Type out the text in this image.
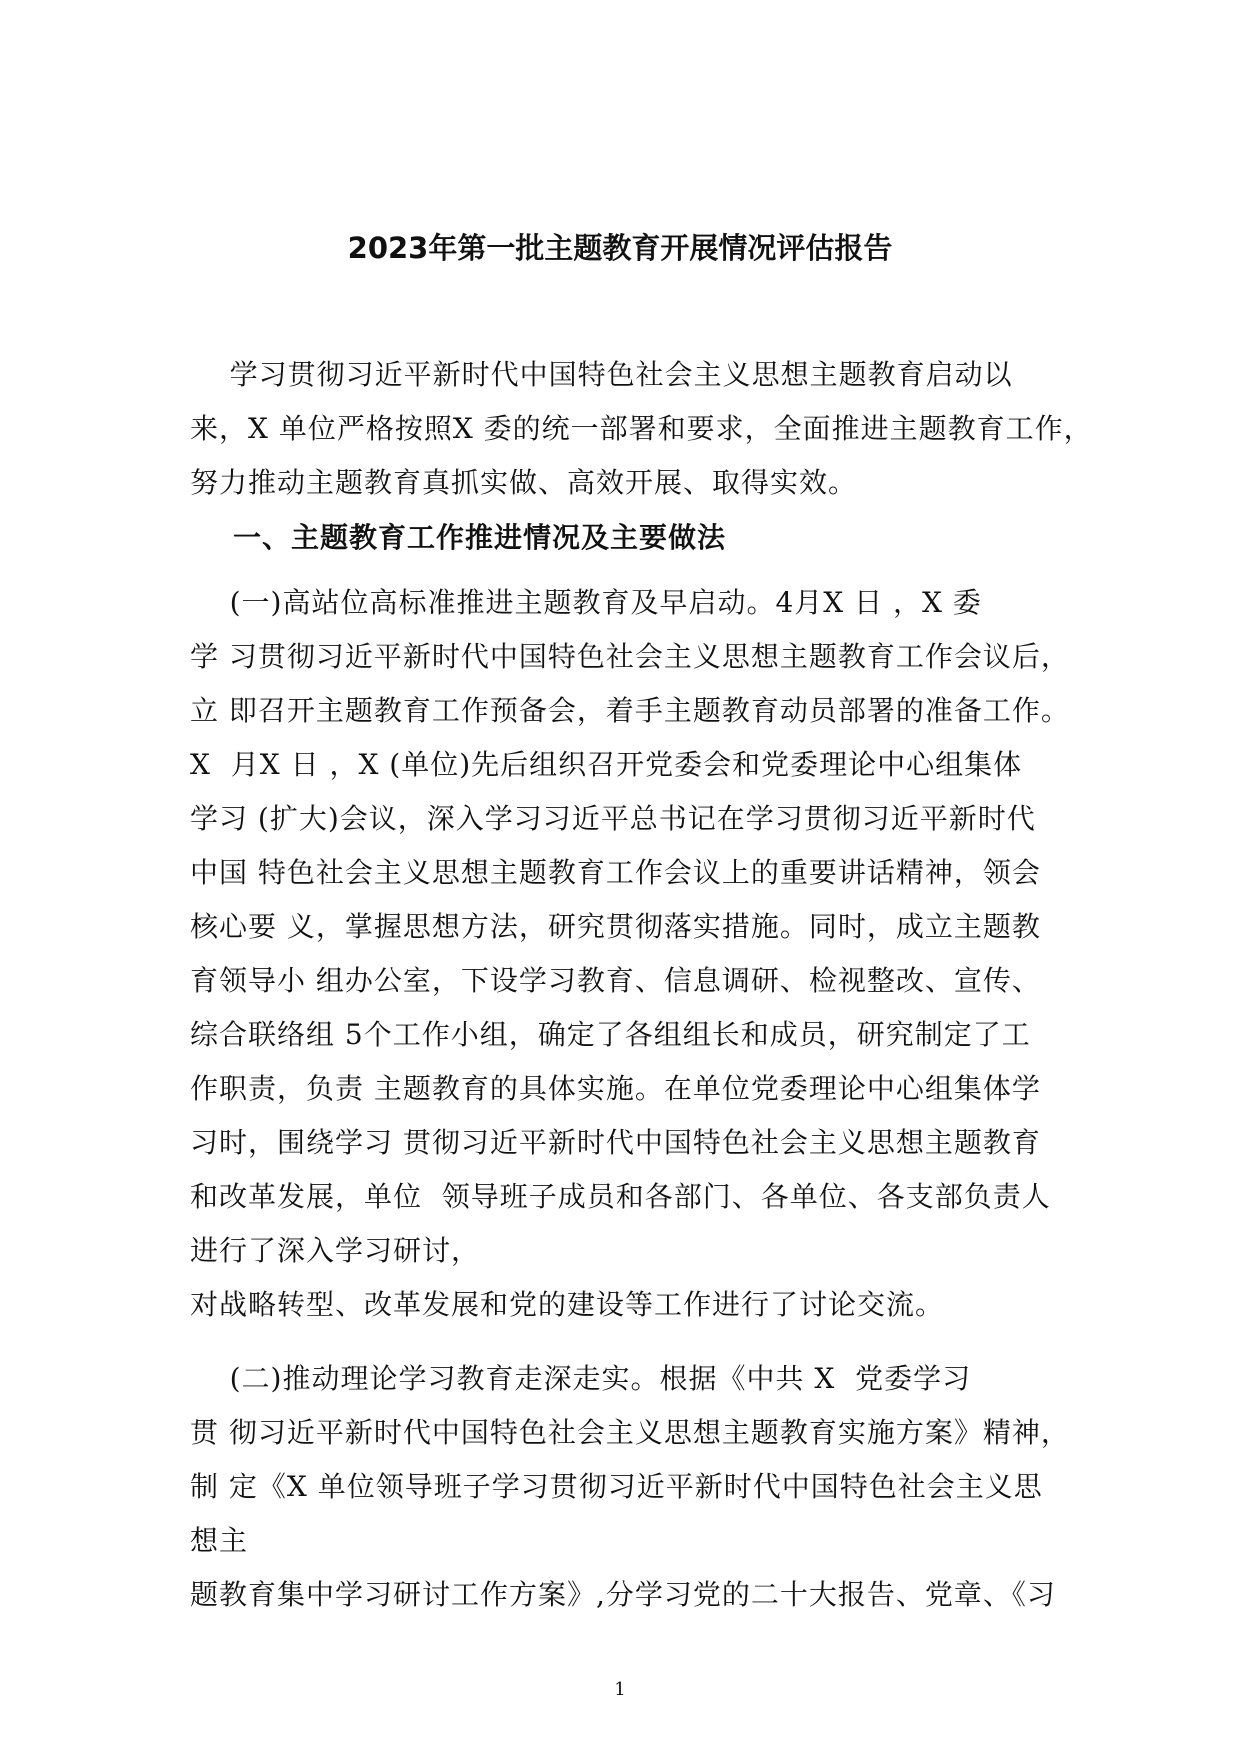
2023年第一批主题教育开展情况评估报告
学习贯彻习近平新时代中国特色社会主义思想主题教育启动以
来，X 单位严格按照X 委的统一部署和要求，全面推进主题教育工作，
努力推动主题教育真抓实做、高效开展、取得实效。
一、主题教育工作推进情况及主要做法
(一)高站位高标准推进主题教育及早启动。4月X 日 ，X 委
学 习贯彻习近平新时代中国特色社会主义思想主题教育工作会议后，
立 即召开主题教育工作预备会，着手主题教育动员部署的准备工作。
X  月X 日 ，X (单位)先后组织召开党委会和党委理论中心组集体
学习 (扩大)会议，深入学习习近平总书记在学习贯彻习近平新时代
中国 特色社会主义思想主题教育工作会议上的重要讲话精神，领会
核心要 义，掌握思想方法，研究贯彻落实措施。同时，成立主题教
育领导小 组办公室，下设学习教育、信息调研、检视整改、宣传、
综合联络组 5个工作小组，确定了各组组长和成员，研究制定了工
作职责，负责 主题教育的具体实施。在单位党委理论中心组集体学
习时，围绕学习 贯彻习近平新时代中国特色社会主义思想主题教育
和改革发展，单位  领导班子成员和各部门、各单位、各支部负责人
进行了深入学习研讨，
对战略转型、改革发展和党的建设等工作进行了讨论交流。
(二)推动理论学习教育走深走实。根据《中共 X  党委学习
贯 彻习近平新时代中国特色社会主义思想主题教育实施方案》精神，
制 定《X 单位领导班子学习贯彻习近平新时代中国特色社会主义思
想主
题教育集中学习研讨工作方案》,分学习党的二十大报告、党章、《习
1
